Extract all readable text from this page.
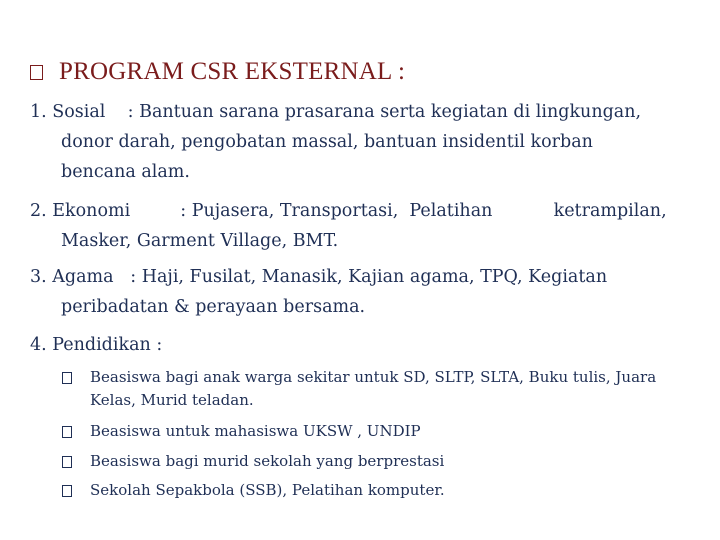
PROGRAM CSR EKSTERNAL :
1. Sosial    : Bantuan sarana prasarana serta kegiatan di lingkungan,
donor darah, pengobatan massal, bantuan insidentil korban
bencana alam.
2. Ekonomi         : Pujasera, Transportasi,  Pelatihan           ketrampilan,
Masker, Garment Village, BMT.
3. Agama   : Haji, Fusilat, Manasik, Kajian agama, TPQ, Kegiatan
peribadatan & perayaan bersama.
4. Pendidikan :
Beasiswa bagi anak warga sekitar untuk SD, SLTP, SLTA, Buku tulis, Juara Kelas, Murid teladan.
Beasiswa untuk mahasiswa UKSW , UNDIP
Beasiswa bagi murid sekolah yang berprestasi
Sekolah Sepakbola (SSB), Pelatihan komputer.
